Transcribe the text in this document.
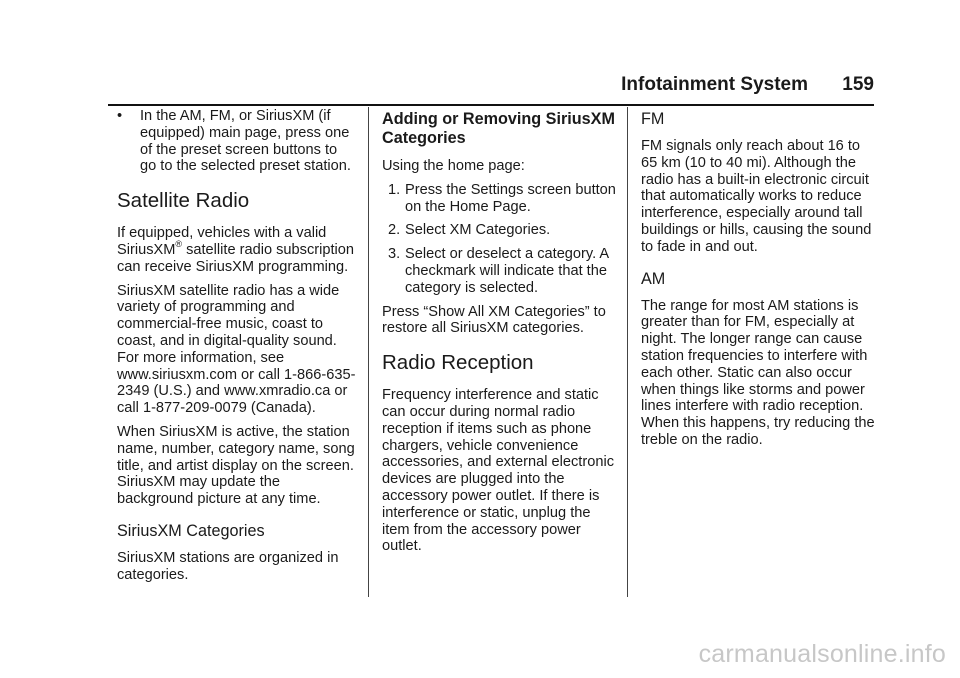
Infotainment System 159

• In the AM, FM, or SiriusXM (if equipped) main page, press one of the preset screen buttons to go to the selected preset station.

Satellite Radio

If equipped, vehicles with a valid SiriusXM® satellite radio subscription can receive SiriusXM programming.

SiriusXM satellite radio has a wide variety of programming and commercial-free music, coast to coast, and in digital-quality sound. For more information, see www.siriusxm.com or call 1-866-635-2349 (U.S.) and www.xmradio.ca or call 1-877-209-0079 (Canada).

When SiriusXM is active, the station name, number, category name, song title, and artist display on the screen. SiriusXM may update the background picture at any time.

SiriusXM Categories

SiriusXM stations are organized in categories.

Adding or Removing SiriusXM Categories

Using the home page:

1. Press the Settings screen button on the Home Page.
2. Select XM Categories.
3. Select or deselect a category. A checkmark will indicate that the category is selected.

Press “Show All XM Categories” to restore all SiriusXM categories.

Radio Reception

Frequency interference and static can occur during normal radio reception if items such as phone chargers, vehicle convenience accessories, and external electronic devices are plugged into the accessory power outlet. If there is interference or static, unplug the item from the accessory power outlet.

FM

FM signals only reach about 16 to 65 km (10 to 40 mi). Although the radio has a built-in electronic circuit that automatically works to reduce interference, especially around tall buildings or hills, causing the sound to fade in and out.

AM

The range for most AM stations is greater than for FM, especially at night. The longer range can cause station frequencies to interfere with each other. Static can also occur when things like storms and power lines interfere with radio reception. When this happens, try reducing the treble on the radio.

carmanualsonline.info
